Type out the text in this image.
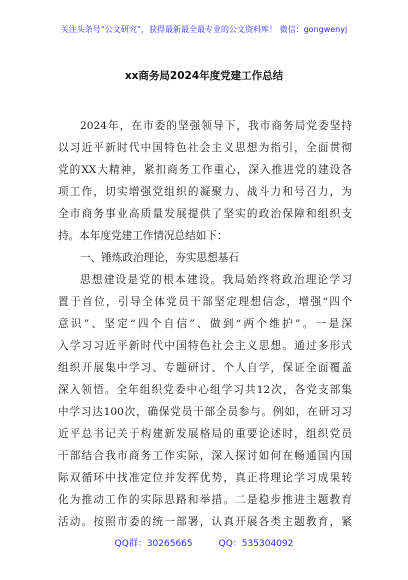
关注头条号“公文研究”，获得最新最全最专业的公文资料库！ 微信：gongwenyj
xx商务局2024年度党建工作总结
2024年，在市委的坚强领导下，我市商务局党委坚持
以习近平新时代中国特色社会主义思想为指引，全面贯彻
党的XX大精神，紧扣商务工作重心，深入推进党的建设各
项工作，切实增强党组织的凝聚力、战斗力和号召力，为
全市商务事业高质量发展提供了坚实的政治保障和组织支
持。本年度党建工作情况总结如下：
一、锤炼政治理论，夯实思想基石
思想建设是党的根本建设。我局始终将政治理论学习
置于首位，引导全体党员干部坚定理想信念，增强“四个
意识”、坚定“四个自信”、做到“两个维护”。一是深
入学习习近平新时代中国特色社会主义思想。通过多形式
组织开展集中学习、专题研讨、个人自学，保证全面覆盖
深入领悟。全年组织党委中心组学习共12次，各党支部集
中学习达100次，确保党员干部全员参与。例如，在研习习
近平总书记关于构建新发展格局的重要论述时，组织党员
干部结合我市商务工作实际，深入探讨如何在畅通国内国
际双循环中找准定位并发挥优势，真正将理论学习成果转
化为推动工作的实际思路和举措。二是稳步推进主题教育
活动。按照市委的统一部署，认真开展各类主题教育，紧
QQ群：30265665	QQ：535304092
